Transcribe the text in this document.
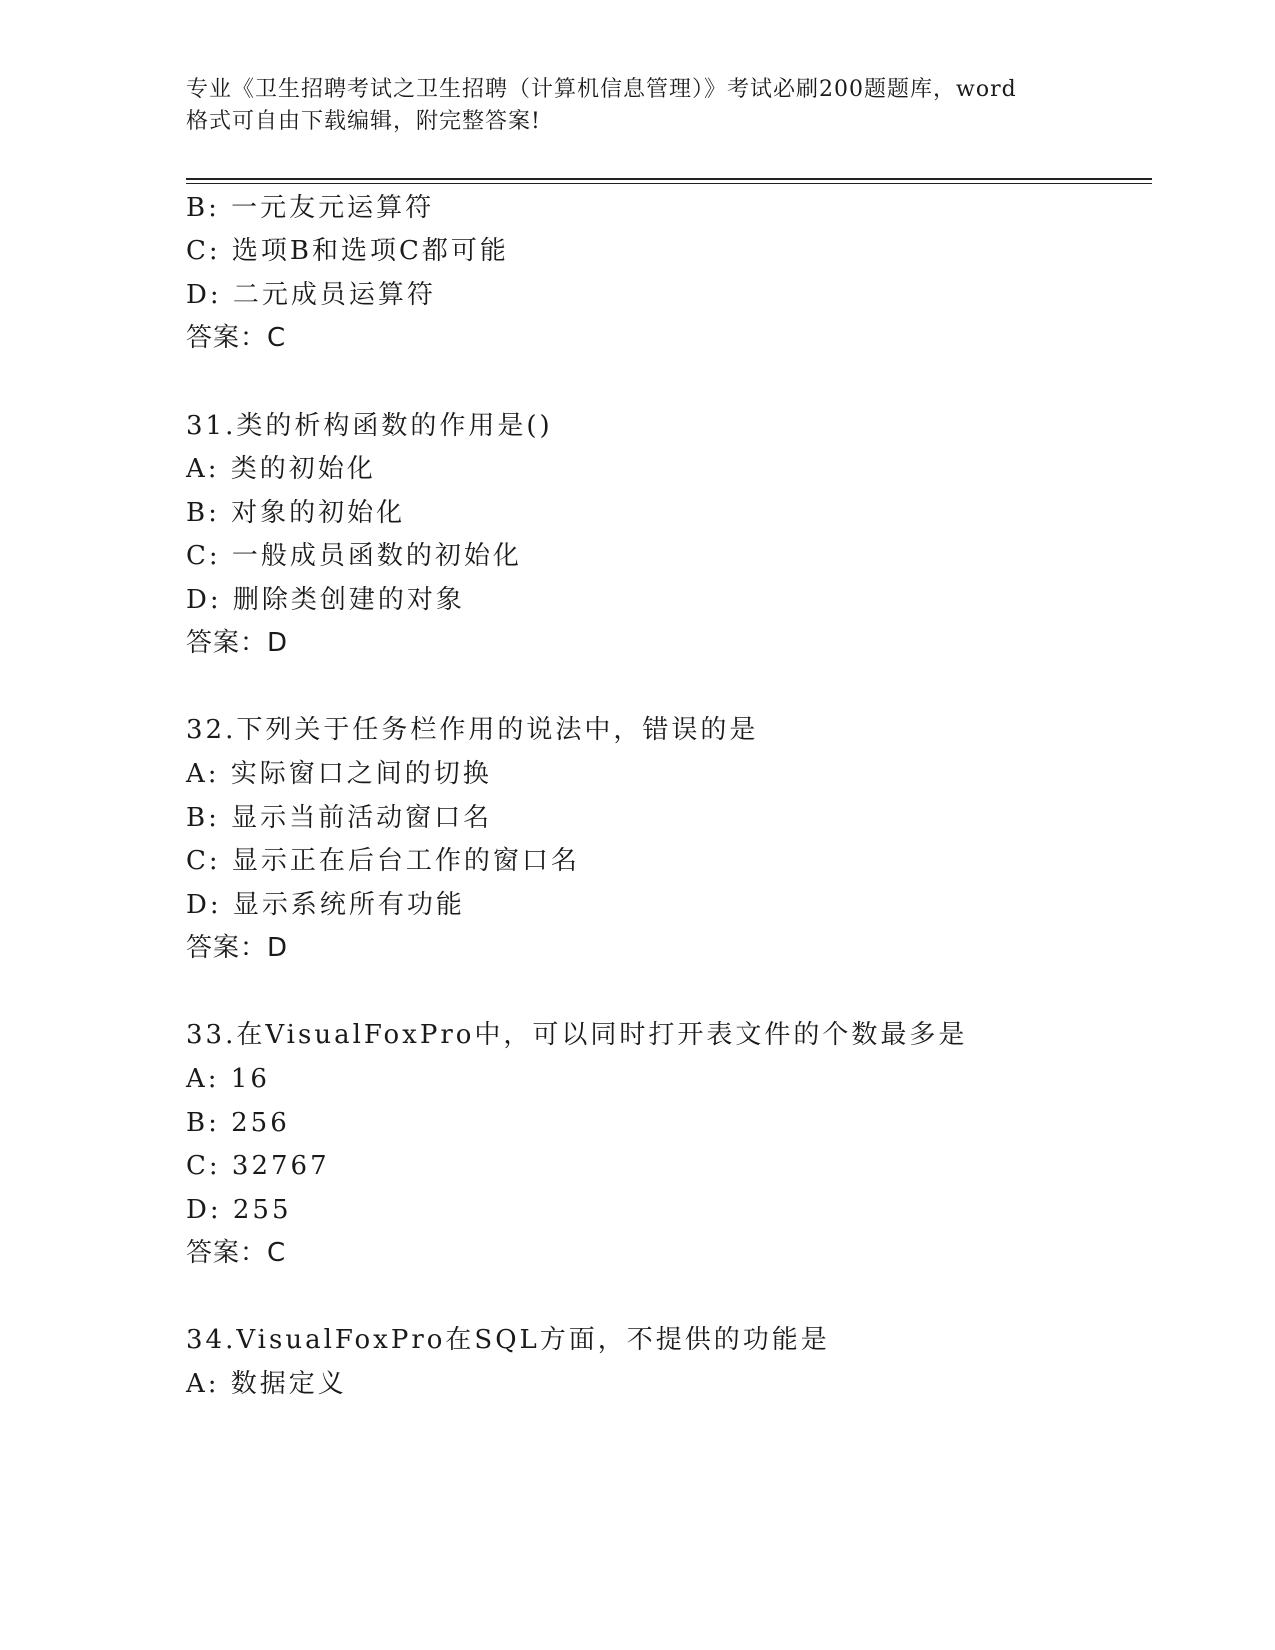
专业《卫生招聘考试之卫生招聘（计算机信息管理）》考试必刷200题题库，word
格式可自由下载编辑，附完整答案!
B: 一元友元运算符
C: 选项B和选项C都可能
D: 二元成员运算符
答案：C
31.类的析构函数的作用是()
A: 类的初始化
B: 对象的初始化
C: 一般成员函数的初始化
D: 删除类创建的对象
答案：D
32.下列关于任务栏作用的说法中，错误的是
A: 实际窗口之间的切换
B: 显示当前活动窗口名
C: 显示正在后台工作的窗口名
D: 显示系统所有功能
答案：D
33.在VisualFoxPro中，可以同时打开表文件的个数最多是
A: 16
B: 256
C: 32767
D: 255
答案：C
34.VisualFoxPro在SQL方面，不提供的功能是
A: 数据定义
